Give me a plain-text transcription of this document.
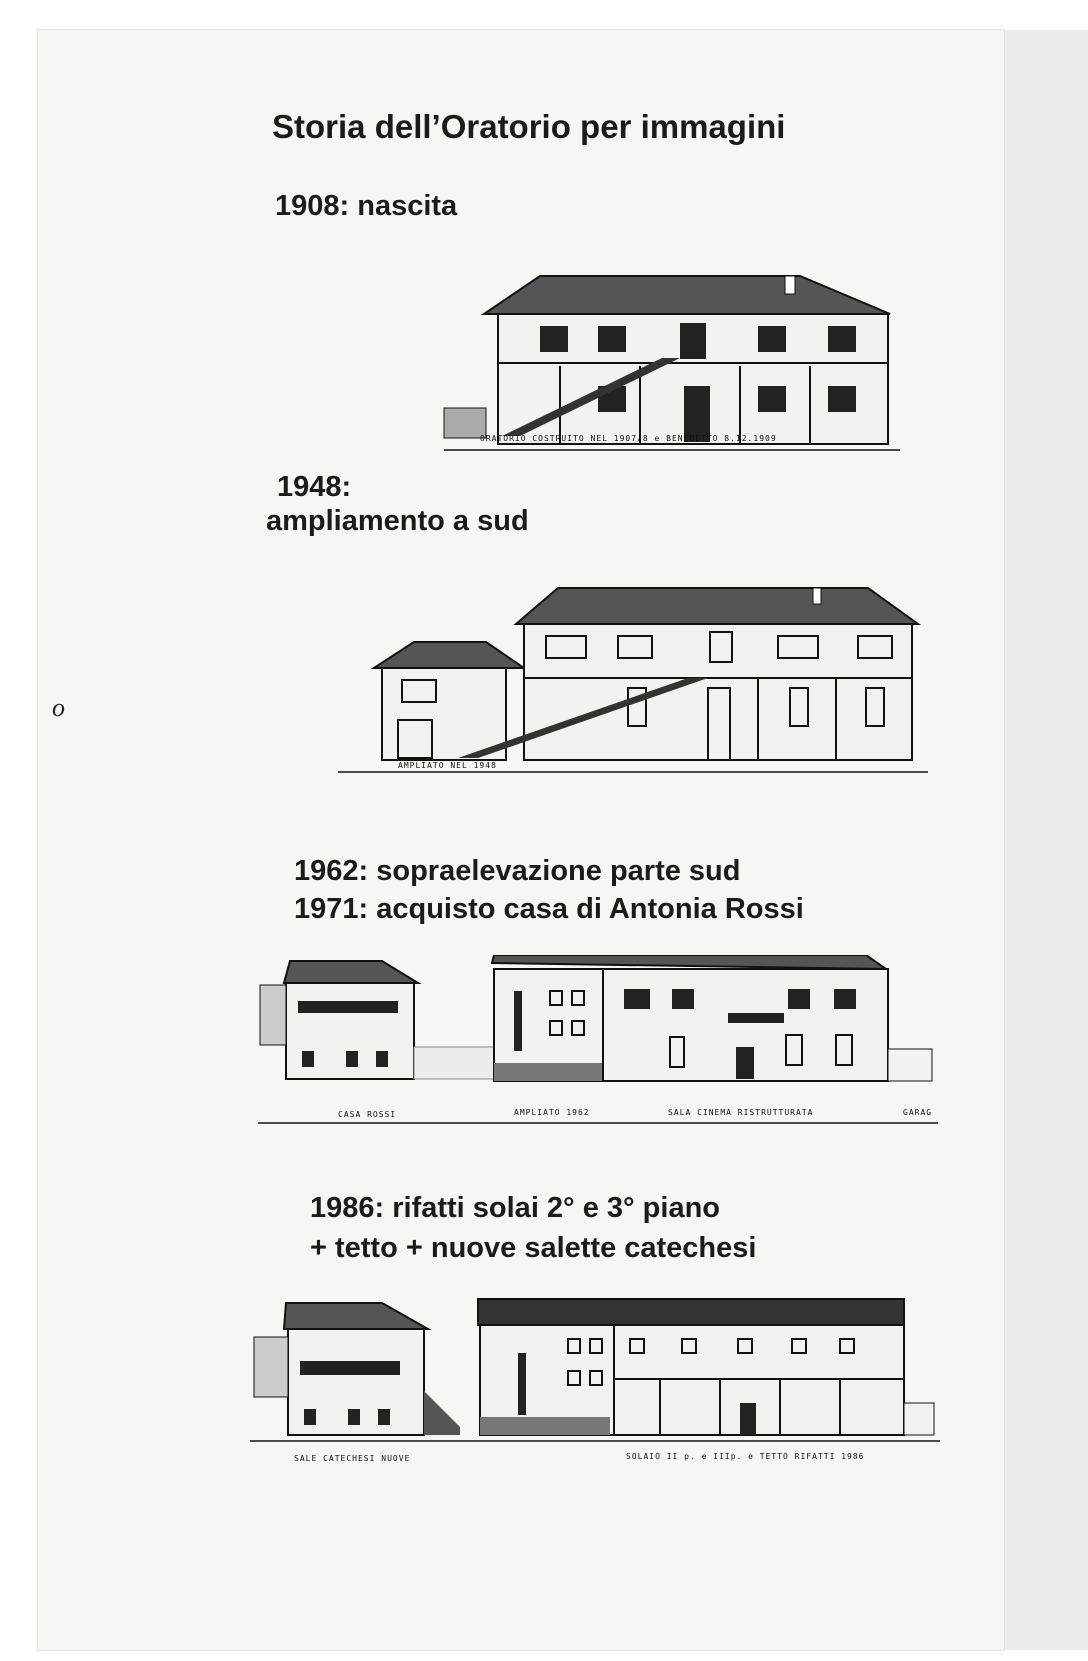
Storia dell’Oratorio per immagini
o
1908: nascita
ORATORIO COSTRUITO NEL 1907/8 e BENEDETTO 8.12.1909
1948:
ampliamento a sud
AMPLIATO NEL 1948
1962: sopraelevazione parte sud
1971: acquisto casa di Antonia Rossi
CASA ROSSI	AMPLIATO 1962	SALA CINEMA RISTRUTTURATA	GARAG
1986: rifatti solai 2° e 3° piano
+ tetto + nuove salette catechesi
SALE CATECHESI NUOVE	SOLAIO II p. e IIIp. e TETTO RIFATTI 1986
